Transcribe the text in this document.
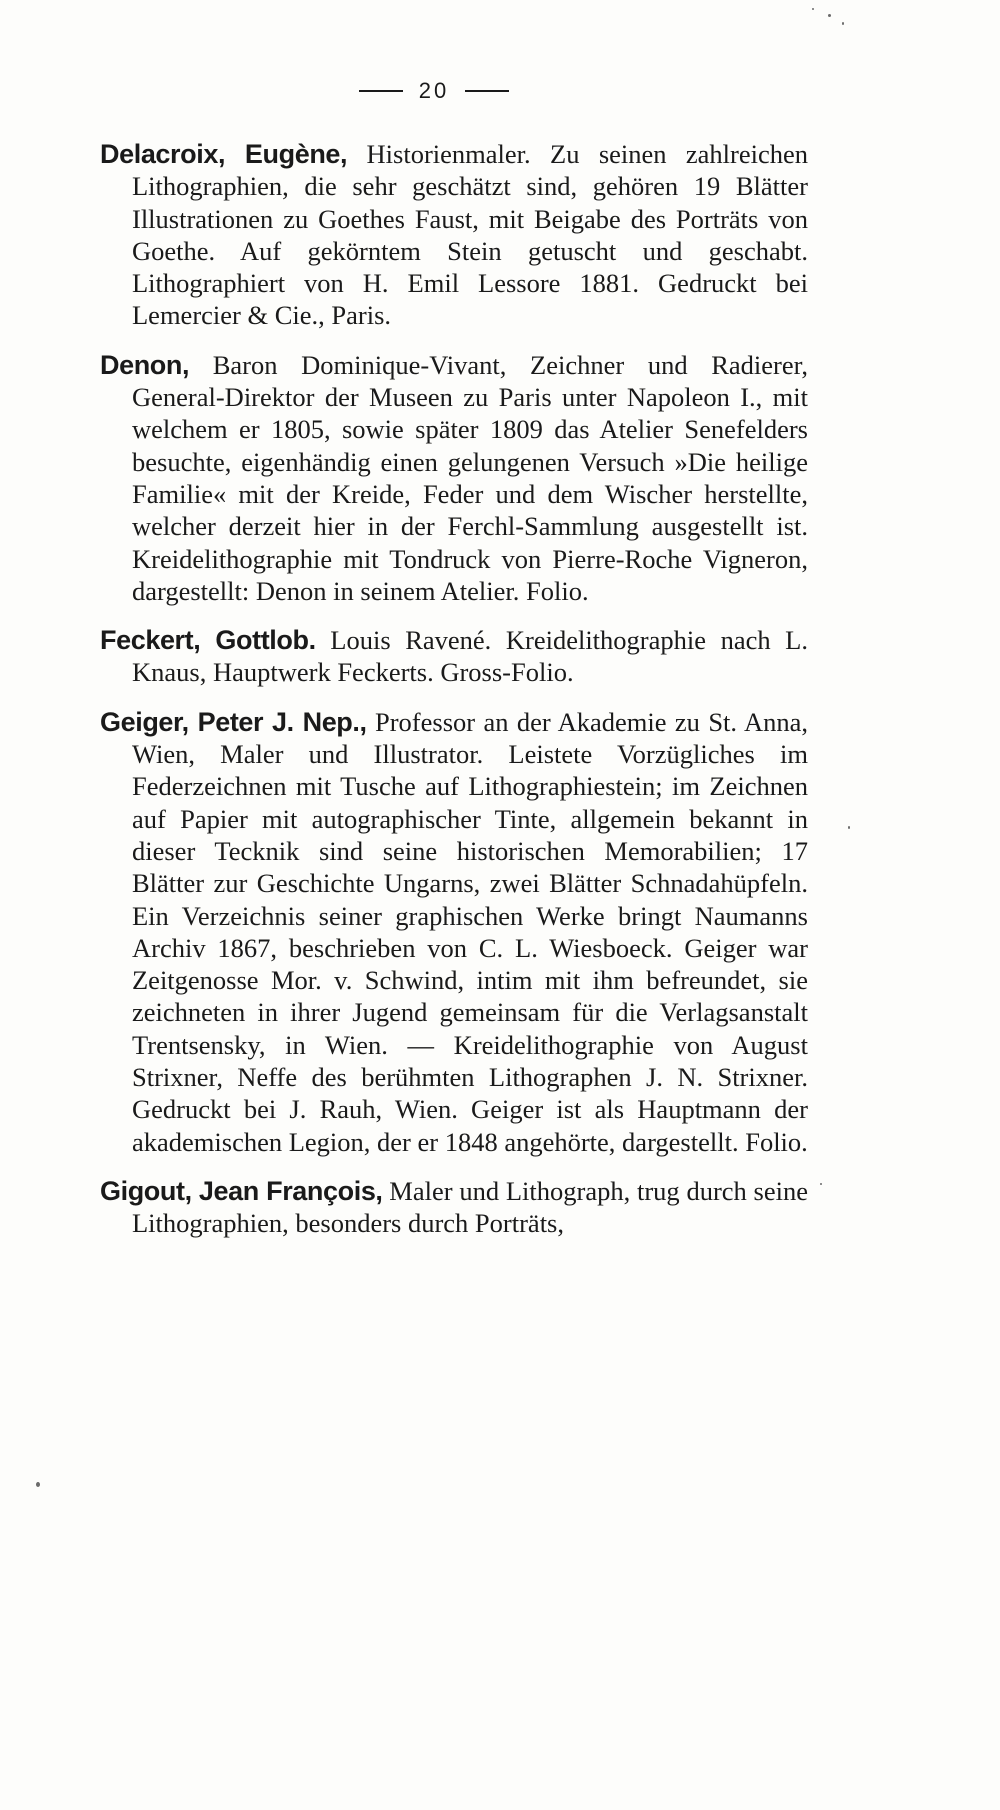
20

Delacroix, Eugène, Historienmaler. Zu seinen zahlreichen Lithographien, die sehr geschätzt sind, gehören 19 Blätter Illustrationen zu Goethes Faust, mit Beigabe des Porträts von Goethe. Auf gekörntem Stein getuscht und geschabt. Lithographiert von H. Emil Lessore 1881. Gedruckt bei Lemercier & Cie., Paris.

Denon, Baron Dominique-Vivant, Zeichner und Radierer, General-Direktor der Museen zu Paris unter Napoleon I., mit welchem er 1805, sowie später 1809 das Atelier Senefelders besuchte, eigenhändig einen gelungenen Versuch »Die heilige Familie« mit der Kreide, Feder und dem Wischer herstellte, welcher derzeit hier in der Ferchl-Sammlung ausgestellt ist. Kreidelithographie mit Tondruck von Pierre-Roche Vigneron, dargestellt: Denon in seinem Atelier. Folio.

Feckert, Gottlob. Louis Ravené. Kreidelithographie nach L. Knaus, Hauptwerk Feckerts. Gross-Folio.

Geiger, Peter J. Nep., Professor an der Akademie zu St. Anna, Wien, Maler und Illustrator. Leistete Vorzügliches im Federzeichnen mit Tusche auf Lithographiestein; im Zeichnen auf Papier mit autographischer Tinte, allgemein bekannt in dieser Tecknik sind seine historischen Memorabilien; 17 Blätter zur Geschichte Ungarns, zwei Blätter Schnadahüpfeln. Ein Verzeichnis seiner graphischen Werke bringt Naumanns Archiv 1867, beschrieben von C. L. Wiesboeck. Geiger war Zeitgenosse Mor. v. Schwind, intim mit ihm befreundet, sie zeichneten in ihrer Jugend gemeinsam für die Verlagsanstalt Trentsensky, in Wien. — Kreidelithographie von August Strixner, Neffe des berühmten Lithographen J. N. Strixner. Gedruckt bei J. Rauh, Wien. Geiger ist als Hauptmann der akademischen Legion, der er 1848 angehörte, dargestellt. Folio.

Gigout, Jean François, Maler und Lithograph, trug durch seine Lithographien, besonders durch Porträts,
